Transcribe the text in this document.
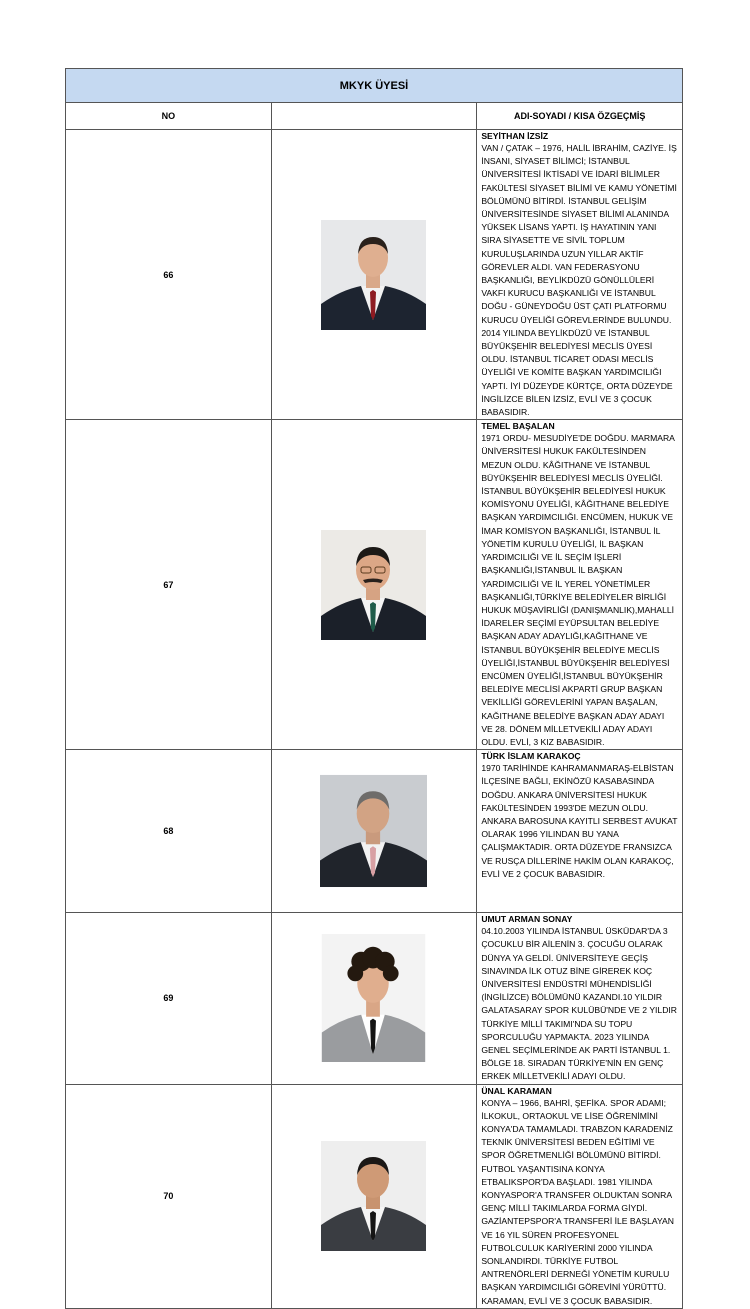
MKYK ÜYESİ		
NO		ADI-SOYADI / KISA ÖZGEÇMİŞ
66		SEYİTHAN İZSİZ
VAN / ÇATAK – 1976, HALİL İBRAHİM, CAZİYE. İŞ İNSANI, SİYASET BİLİMCİ; İSTANBUL ÜNİVERSİTESİ İKTİSADİ VE İDARİ BİLİMLER FAKÜLTESİ SİYASET BİLİMİ VE KAMU YÖNETİMİ BÖLÜMÜNÜ BİTİRDİ. İSTANBUL GELİŞİM ÜNİVERSİTESİNDE SİYASET BİLİMİ ALANINDA YÜKSEK LİSANS YAPTI. İŞ HAYATININ YANI SIRA SİYASETTE VE SİVİL TOPLUM KURULUŞLARINDA UZUN YILLAR AKTİF GÖREVLER ALDI. VAN FEDERASYONU BAŞKANLIĞI, BEYLİKDÜZÜ GÖNÜLLÜLERİ VAKFI KURUCU BAŞKANLIĞI VE İSTANBUL DOĞU - GÜNEYDOĞU ÜST ÇATI PLATFORMU KURUCU ÜYELİĞİ GÖREVLERİNDE BULUNDU. 2014 YILINDA BEYLİKDÜZÜ VE İSTANBUL BÜYÜKŞEHİR BELEDİYESİ MECLİS ÜYESİ OLDU. İSTANBUL TİCARET ODASI MECLİS ÜYELİĞİ VE KOMİTE BAŞKAN YARDIMCILIĞI YAPTI. İYİ DÜZEYDE KÜRTÇE, ORTA DÜZEYDE İNGİLİZCE BİLEN İZSİZ, EVLİ VE 3 ÇOCUK BABASIDIR.

67		TEMEL BAŞALAN
1971 ORDU- MESUDİYE'DE DOĞDU. MARMARA ÜNİVERSİTESİ HUKUK FAKÜLTESİNDEN MEZUN OLDU. KÂĞITHANE VE İSTANBUL BÜYÜKŞEHİR BELEDİYESİ MECLİS ÜYELİĞİ. İSTANBUL BÜYÜKŞEHİR BELEDİYESİ HUKUK KOMİSYONU ÜYELİĞİ, KÂĞITHANE BELEDİYE BAŞKAN YARDIMCILIĞI. ENCÜMEN, HUKUK VE İMAR KOMİSYON BAŞKANLIĞI, İSTANBUL İL YÖNETİM KURULU ÜYELİĞİ, İL BAŞKAN YARDIMCILIĞI VE İL SEÇİM İŞLERİ BAŞKANLIĞI,İSTANBUL İL BAŞKAN YARDIMCILIĞI VE İL YEREL YÖNETİMLER BAŞKANLIĞI,TÜRKİYE BELEDİYELER BİRLİĞİ HUKUK MÜŞAVİRLİĞİ (DANIŞMANLIK),MAHALLİ İDARELER SEÇİMİ EYÜPSULTAN BELEDİYE BAŞKAN ADAY ADAYLIĞI,KAĞITHANE VE İSTANBUL BÜYÜKŞEHİR BELEDİYE MECLİS ÜYELİĞİ,İSTANBUL BÜYÜKŞEHİR BELEDİYESİ ENCÜMEN ÜYELİĞİ,İSTANBUL BÜYÜKŞEHİR BELEDİYE MECLİSİ AKPARTİ GRUP BAŞKAN VEKİLLİĞİ GÖREVLERİNİ YAPAN BAŞALAN, KAĞITHANE BELEDİYE BAŞKAN ADAY ADAYI VE 28. DÖNEM MİLLETVEKİLİ ADAY ADAYI OLDU. EVLİ, 3 KIZ BABASIDIR.

68		TÜRK İSLAM KARAKOÇ
1970 TARİHİNDE KAHRAMANMARAŞ-ELBİSTAN İLÇESİNE BAĞLI, EKİNÖZÜ KASABASINDA DOĞDU. ANKARA ÜNİVERSİTESİ HUKUK FAKÜLTESİNDEN 1993'DE MEZUN OLDU. ANKARA BAROSUNA KAYITLI SERBEST AVUKAT OLARAK 1996 YILINDAN BU YANA ÇALIŞMAKTADIR. ORTA DÜZEYDE FRANSIZCA VE RUSÇA DİLLERİNE HAKİM OLAN KARAKOÇ, EVLİ VE 2 ÇOCUK BABASIDIR.

69		UMUT ARMAN SONAY
04.10.2003 YILINDA İSTANBUL ÜSKÜDAR'DA 3 ÇOCUKLU BİR AİLENİN 3. ÇOCUĞU OLARAK DÜNYA YA GELDİ. ÜNİVERSİTEYE GEÇİŞ SINAVINDA İLK OTUZ BİNE GİREREK KOÇ ÜNİVERSİTESİ ENDÜSTRİ MÜHENDİSLİĞİ (İNGİLİZCE) BÖLÜMÜNÜ KAZANDI.10 YILDIR GALATASARAY SPOR KULÜBÜ'NDE VE 2 YILDIR TÜRKİYE MİLLİ TAKIMI'NDA SU TOPU SPORCULUĞU YAPMAKTA. 2023 YILINDA GENEL SEÇİMLERİNDE AK PARTİ İSTANBUL 1. BÖLGE 18. SIRADAN TÜRKİYE'NİN EN GENÇ ERKEK MİLLETVEKİLİ ADAYI OLDU.

70		ÜNAL KARAMAN
KONYA – 1966, BAHRİ, ŞEFİKA. SPOR ADAMI; İLKOKUL, ORTAOKUL VE LİSE ÖĞRENİMİNİ KONYA'DA TAMAMLADI. TRABZON KARADENİZ TEKNİK ÜNİVERSİTESİ BEDEN EĞİTİMİ VE SPOR ÖĞRETMENLİĞİ BÖLÜMÜNÜ BİTİRDİ. FUTBOL YAŞANTISINA KONYA ETBALIKSPOR'DA BAŞLADI. 1981 YILINDA KONYASPOR'A TRANSFER OLDUKTAN SONRA GENÇ MİLLİ TAKIMLARDA FORMA GİYDİ. GAZİANTEPSPOR'A TRANSFERİ İLE BAŞLAYAN VE 16 YIL SÜREN PROFESYONEL FUTBOLCULUK KARİYERİNİ 2000 YILINDA SONLANDIRDI. TÜRKİYE FUTBOL ANTRENÖRLERİ DERNEĞİ YÖNETİM KURULU BAŞKAN YARDIMCILIĞI GÖREVİNİ YÜRÜTTÜ. KARAMAN, EVLİ VE 3 ÇOCUK BABASIDIR.
